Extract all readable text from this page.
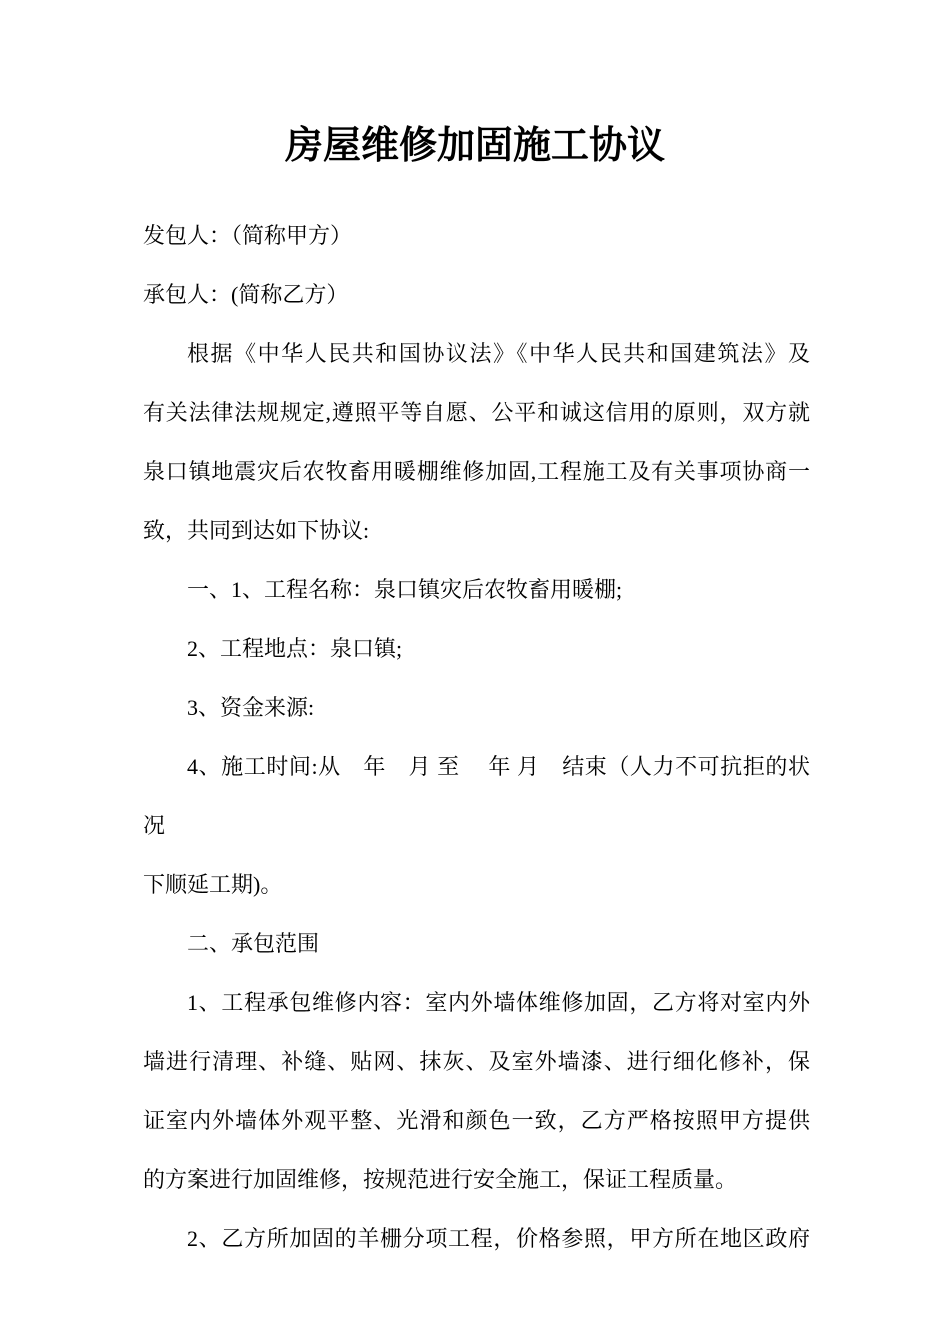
房屋维修加固施工协议
发包人：（简称甲方）
承包人：(简称乙方）
根据《中华人民共和国协议法》《中华人民共和国建筑法》及
有关法律法规规定,遵照平等自愿、公平和诚这信用的原则，双方就
泉口镇地震灾后农牧畜用暖棚维修加固,工程施工及有关事项协商一
致，共同到达如下协议:
一、1、工程名称：泉口镇灾后农牧畜用暖棚;
2、工程地点：泉口镇;
3、资金来源:
4、施工时间:从　年　月 至　 年 月　结束（人力不可抗拒的状况
下顺延工期)。
二、承包范围
1、工程承包维修内容：室内外墙体维修加固，乙方将对室内外
墙进行清理、补缝、贴网、抹灰、及室外墙漆、进行细化修补，保
证室内外墙体外观平整、光滑和颜色一致，乙方严格按照甲方提供
的方案进行加固维修，按规范进行安全施工，保证工程质量。
2、乙方所加固的羊栅分项工程，价格参照，甲方所在地区政府
